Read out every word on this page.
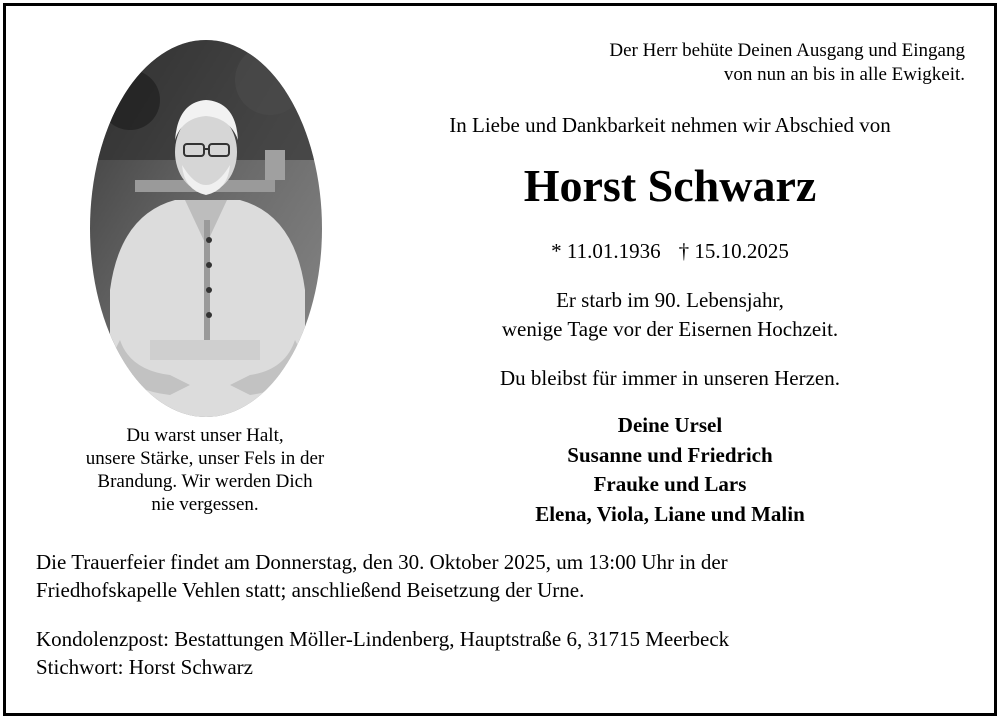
Der Herr behüte Deinen Ausgang und Eingang
von nun an bis in alle Ewigkeit.
In Liebe und Dankbarkeit nehmen wir Abschied von
Horst Schwarz
* 11.01.1936 † 15.10.2025
Er starb im 90. Lebensjahr,
wenige Tage vor der Eisernen Hochzeit.
Du bleibst für immer in unseren Herzen.
Deine Ursel
Susanne und Friedrich
Frauke und Lars
Elena, Viola, Liane und Malin
Du warst unser Halt,
unsere Stärke, unser Fels in der
Brandung. Wir werden Dich
nie vergessen.
Die Trauerfeier findet am Donnerstag, den 30. Oktober 2025, um 13:00 Uhr in der
Friedhofskapelle Vehlen statt; anschließend Beisetzung der Urne.
Kondolenzpost: Bestattungen Möller-Lindenberg, Hauptstraße 6, 31715 Meerbeck
Stichwort: Horst Schwarz
